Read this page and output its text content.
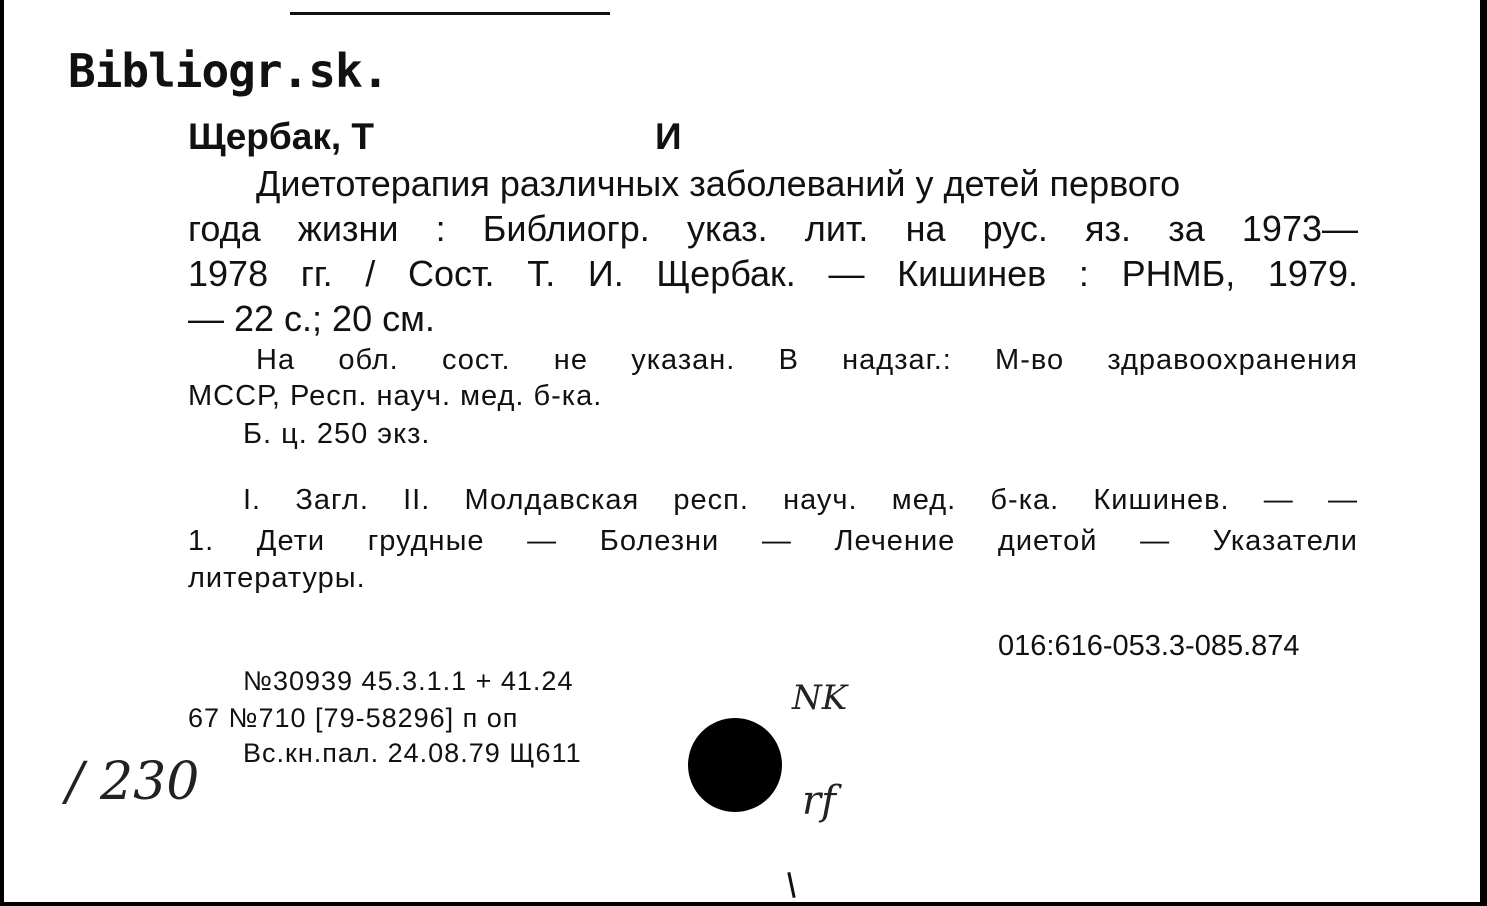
Bibliogr.sk.
Щербак, Т	И
Диетотерапия различных заболеваний у детей первого
года жизни : Библиогр. указ. лит. на рус. яз. за 1973—
1978 гг. / Сост. Т. И. Щербак. — Кишинев : РНМБ, 1979.
— 22 с.; 20 см.
На обл. сост. не указан. В надзаг.: М-во здравоохранения
МССР, Респ. науч. мед. б-ка.
Б. ц. 250 экз.
I. Загл. II. Молдавская респ. науч. мед. б-ка. Кишинев. — —
1. Дети грудные — Болезни — Лечение диетой — Указатели
литературы.
016:616-053.3-085.874
№30939 45.3.1.1 + 41.24
67 №710 [79-58296] п оп
Вс.кн.пал. 24.08.79 Щ611
/ 230
NK
rf
